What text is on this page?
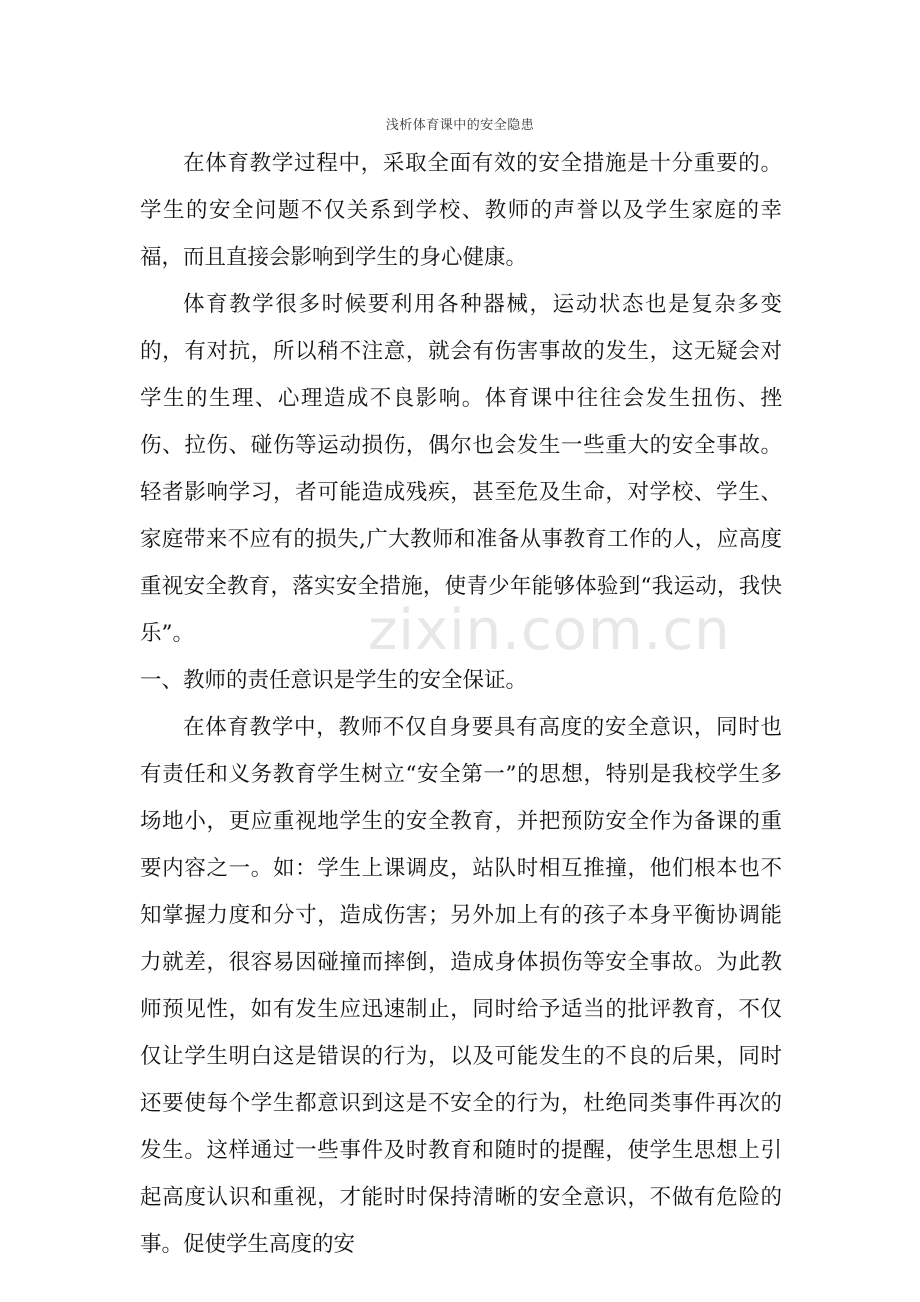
浅析体育课中的安全隐患

在体育教学过程中，采取全面有效的安全措施是十分重要的。学生的安全问题不仅关系到学校、教师的声誉以及学生家庭的幸福，而且直接会影响到学生的身心健康。

体育教学很多时候要利用各种器械，运动状态也是复杂多变的，有对抗，所以稍不注意，就会有伤害事故的发生，这无疑会对学生的生理、心理造成不良影响。体育课中往往会发生扭伤、挫伤、拉伤、碰伤等运动损伤，偶尔也会发生一些重大的安全事故。轻者影响学习，者可能造成残疾，甚至危及生命，对学校、学生、家庭带来不应有的损失,广大教师和准备从事教育工作的人，应高度重视安全教育，落实安全措施，使青少年能够体验到“我运动，我快乐”。

一、教师的责任意识是学生的安全保证。

在体育教学中，教师不仅自身要具有高度的安全意识，同时也有责任和义务教育学生树立“安全第一”的思想，特别是我校学生多场地小，更应重视地学生的安全教育，并把预防安全作为备课的重要内容之一。如：学生上课调皮，站队时相互推撞，他们根本也不知掌握力度和分寸，造成伤害；另外加上有的孩子本身平衡协调能力就差，很容易因碰撞而摔倒，造成身体损伤等安全事故。为此教师预见性，如有发生应迅速制止，同时给予适当的批评教育，不仅仅让学生明白这是错误的行为，以及可能发生的不良的后果，同时还要使每个学生都意识到这是不安全的行为，杜绝同类事件再次的发生。这样通过一些事件及时教育和随时的提醒，使学生思想上引起高度认识和重视，才能时时保持清晰的安全意识，不做有危险的事。促使学生高度的安

zixin.com.cn
